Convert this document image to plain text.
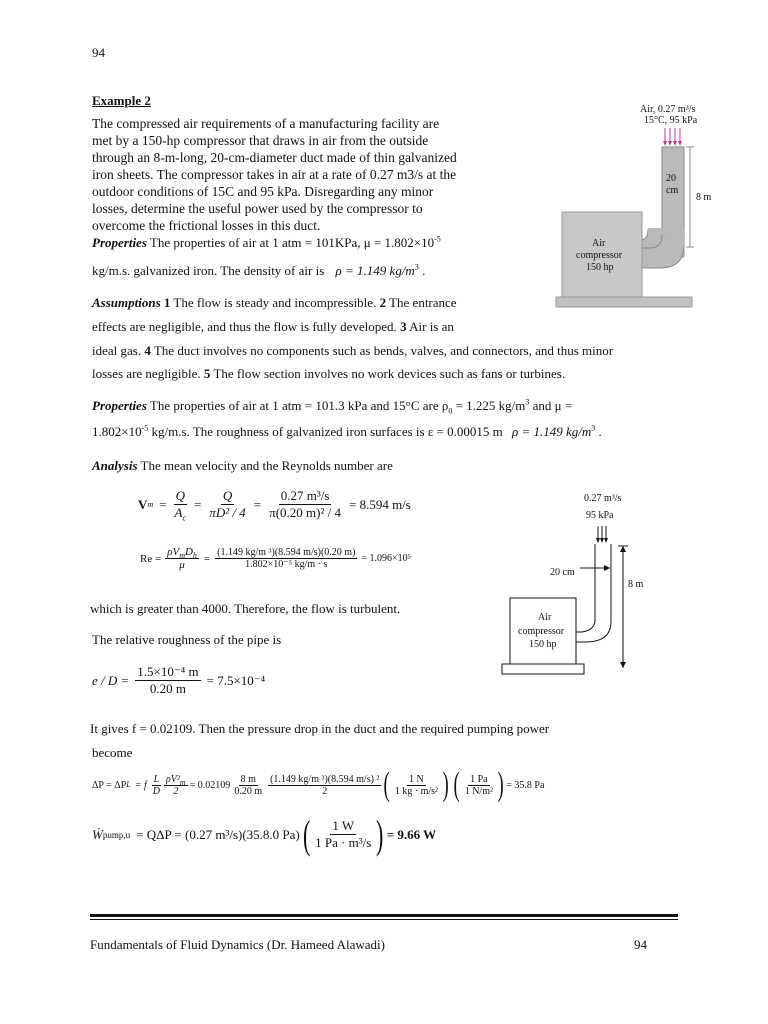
94
Example 2
The compressed air requirements of a manufacturing facility are
met by a 150-hp compressor that draws in air from the outside
through an 8-m-long, 20-cm-diameter duct made of thin galvanized
iron sheets. The compressor takes in air at a rate of 0.27 m3/s at the
outdoor conditions of 15C and 95 kPa. Disregarding any minor
losses, determine the useful power used by the compressor to
overcome the frictional losses in this duct.
Properties The properties of air at 1 atm = 101KPa, $\mu = 1.802\times 10^{-5}$
kg/m.s. galvanized iron. The density of air is ρ = 1.149 $kg/m^3$ .
Assumptions 1 The flow is steady and incompressible. 2 The entrance
effects are negligible, and thus the flow is fully developed. 3 Air is an
ideal gas. 4 The duct involves no components such as bends, valves, and connectors, and thus minor
losses are negligible. 5 The flow section involves no work devices such as fans or turbines.
Properties The properties of air at 1 atm = 101.3 kPa and 15°C are $\rho_0 = 1.225$ $kg/m^3$ and μ =
$1.802\times 10^{-5}$ kg/m.s. The roughness of galvanized iron surfaces is ε = 0.00015 m ρ = 1.149 $kg/m^3$ .
Analysis The mean velocity and the Reynolds number are
V $m = \frac{Q}{A_c} = \frac{Q}{\text{πD² / 4}} = \frac{\text{0.27 m³/s}}{\text{π(0.20 m)² / 4}} = 8.594$ m/s
$Re = \frac{\rho V_mD_h}{\mu} = \frac{\text{(1.149 kg/m ³)(8.594 m/s)(0.20 m)}}{\text{1.802×10⁻⁵ kg/m · s}} = 1.096\times 10^5$
which is greater than 4000. Therefore, the flow is turbulent.
The relative roughness of the pipe is
$e / D = \frac{\text{1.5×10⁻⁴ m}}{0.20 m} = 7.5\times 10^{-4}$
It gives f = 0.02109. Then the pressure drop in the duct and the required pumping power
become
ΔP = ΔP L = f $\frac{L}{D} \frac{\rho V^2_m}{2} = 0.02109 \frac{8 m}{0.20 m} \frac{\text{(1.149 kg/m ³)(8.594 m/s) ²}}{2}$ ( $\frac{1 N}{\text{1 kg · m/s²}}$ ) ( $\frac{1 Pa}{\text{1 N/m²}}$ ) = 35.8 Pa
Ẇ pump,u = QΔP = (0.27 m³/s)(35.8.0 Pa) ( $\frac{1 W}{\text{1 Pa · m³/s}}$ ) = 9.66 W
Air, 0.27 m³/s
15°C, 95 kPa
20
cm
8 m
Air
compressor
150 hp
0.27 m³/s
95 kPa
20 cm
8 m
Air
compressor
150 hp
Fundamentals of Fluid Dynamics (Dr. Hameed Alawadi)	94
